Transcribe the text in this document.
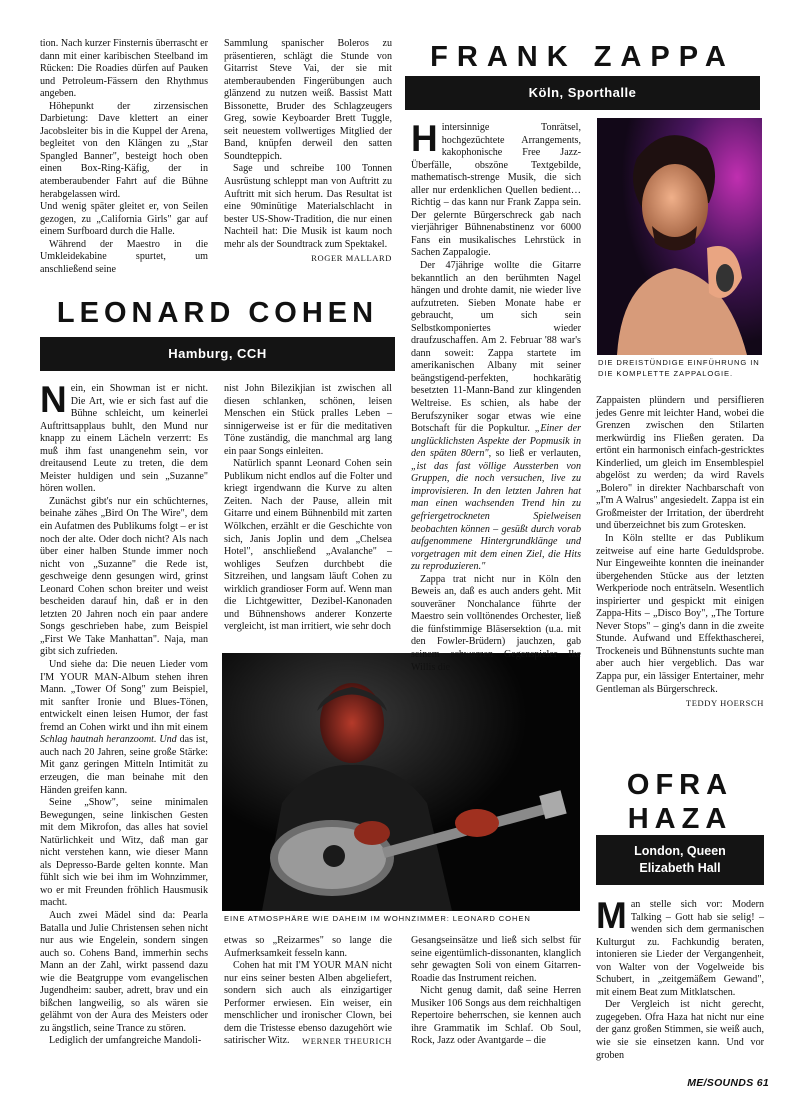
tion. Nach kurzer Finsternis überrascht er dann mit einer karibischen Steelband im Rücken: Die Roadies dürfen auf Pauken und Petroleum-Fässern den Rhythmus angeben.

Höhepunkt der zirzensischen Darbietung: Dave klettert an einer Jacobsleiter bis in die Kuppel der Arena, begleitet von den Klängen zu „Star Spangled Banner", besteigt hoch oben einen Box-Ring-Käfig, der in atemberaubender Fahrt auf die Bühne herabgelassen wird.

Und wenig später gleitet er, von Seilen gezogen, zu „California Girls" gar auf einem Surfboard durch die Halle.

Während der Maestro in die Umkleidekabine spurtet, um anschließend seine

Sammlung spanischer Boleros zu präsentieren, schlägt die Stunde von Gitarrist Steve Vai, der sie mit atemberaubenden Fingerübungen auch glänzend zu nutzen weiß. Bassist Matt Bissonette, Bruder des Schlagzeugers Greg, sowie Keyboarder Brett Tuggle, seit neuestem vollwertiges Mitglied der Band, knüpfen derweil den satten Soundteppich.

Sage und schreibe 100 Tonnen Ausrüstung schleppt man von Auftritt zu Auftritt mit sich herum. Das Resultat ist eine 90minütige Materialschlacht in bester US-Show-Tradition, die nur einen Nachteil hat: Die Musik ist kaum noch mehr als der Soundtrack zum Spektakel.

ROGER MALLARD

LEONARD COHEN
Hamburg, CCH

Nein, ein Showman ist er nicht. Die Art, wie er sich fast auf die Bühne schleicht, um keinerlei Auftrittsapplaus buhlt, den Mund nur knapp zu einem Lächeln verzerrt: Es muß ihm fast unangenehm sein, vor dreitausend Leute zu treten, die dem Meister huldigen und sein „Suzanne" hören wollen.

Zunächst gibt's nur ein schüchternes, beinahe zähes „Bird On The Wire", dem ein Aufatmen des Publikums folgt – er ist noch der alte. Oder doch nicht? Als nach über einer halben Stunde immer noch nicht von „Suzanne" die Rede ist, geschweige denn gesungen wird, grinst Leonard Cohen schon breiter und weist bescheiden darauf hin, daß er in den letzten 20 Jahren noch ein paar andere Songs geschrieben habe, zum Beispiel „First We Take Manhattan". Naja, man gibt sich zufrieden.

Und siehe da: Die neuen Lieder vom I'M YOUR MAN-Album stehen ihren Mann. „Tower Of Song" zum Beispiel, mit sanfter Ironie und Blues-Tönen, entwickelt einen leisen Humor, der fast fremd an Cohen wirkt und ihn mit einem Schlag hautnah heranzoomt. Und das ist, auch nach 20 Jahren, seine große Stärke: Mit ganz geringen Mitteln Intimität zu erzeugen, die man beinahe mit den Händen greifen kann.

Seine „Show", seine minimalen Bewegungen, seine linkischen Gesten mit dem Mikrofon, das alles hat soviel Natürlichkeit und Witz, daß man gar nicht verstehen kann, wie dieser Mann als Depresso-Barde gelten konnte. Man fühlt sich wie bei ihm im Wohnzimmer, wo er mit Freunden fröhlich Hausmusik macht.

Auch zwei Mädel sind da: Pearla Batalla und Julie Christensen sehen nicht nur aus wie Engelein, sondern singen auch so. Cohens Band, immerhin sechs Mann an der Zahl, wirkt passend dazu wie die Beatgruppe vom evangelischen Jugendheim: sauber, adrett, brav und ein bißchen langweilig, so als wären sie gelähmt von der Aura des Meisters oder zu ängstlich, seine Trance zu stören.

Lediglich der umfangreiche Mandoli-

nist John Bilezikjian ist zwischen all diesen schlanken, schönen, leisen Menschen ein Stück pralles Leben – sinnigerweise ist er für die meditativen Töne zuständig, die manchmal arg lang ein paar Songs einleiten.

Natürlich spannt Leonard Cohen sein Publikum nicht endlos auf die Folter und kriegt irgendwann die Kurve zu alten Zeiten. Nach der Pause, allein mit Gitarre und einem Bühnenbild mit zarten Wölkchen, erzählt er die Geschichte von sich, Janis Joplin und dem „Chelsea Hotel", anschließend „Avalanche" – wohliges Seufzen durchbebt die Sitzreihen, und langsam läuft Cohen zu wirklich grandioser Form auf. Wenn man die Lichtgewitter, Dezibel-Kanonaden und Bühnenshows anderer Konzerte vergleicht, ist man irritiert, wie sehr doch

EINE ATMOSPHÄRE WIE DAHEIM IM WOHNZIMMER: LEONARD COHEN

etwas so „Reizarmes" so lange die Aufmerksamkeit fesseln kann.

Cohen hat mit I'M YOUR MAN nicht nur eins seiner besten Alben abgeliefert, sondern sich auch als einzigartiger Performer erwiesen. Ein weiser, ein menschlicher und ironischer Clown, bei dem die Tristesse ebenso dazugehört wie satirischer Witz.	WERNER THEURICH

FRANK ZAPPA
Köln, Sporthalle

Hintersinnige Tonrätsel, hochgezüchtete Arrangements, kakophonische Free Jazz-Überfälle, obszöne Textgebilde, mathematisch-strenge Musik, die sich aller nur erdenklichen Quellen bedient… Richtig – das kann nur Frank Zappa sein. Der gelernte Bürgerschreck gab nach vierjähriger Bühnenabstinenz vor 6000 Fans ein musikalisches Lehrstück in Sachen Zappalogie.

Der 47jährige wollte die Gitarre bekanntlich an den berühmten Nagel hängen und drohte damit, nie wieder live aufzutreten. Sieben Monate habe er gebraucht, um sich sein Selbstkomponiertes wieder draufzuschaffen. Am 2. Februar '88 war's dann soweit: Zappa startete im amerikanischen Albany mit seiner beängstigend-perfekten, hochkarätig besetzten 11-Mann-Band zur klingenden Weltreise. Es schien, als habe der Berufszyniker sogar etwas wie eine Botschaft für die Popkultur. „Einer der unglücklichsten Aspekte der Popmusik in den späten 80ern", so ließ er verlauten, „ist das fast völlige Aussterben von Gruppen, die noch versuchen, live zu improvisieren. In den letzten Jahren hat man einen wachsenden Trend hin zu gefriergetrockneten Spielweisen beobachten können – gesüßt durch vorab aufgenommene Hintergrundklänge und vorgetragen mit dem einen Ziel, die Hits zu reproduzieren."

Zappa trat nicht nur in Köln den Beweis an, daß es auch anders geht. Mit souveräner Nonchalance führte der Maestro sein volltönendes Orchester, ließ die fünfstimmige Bläsersektion (u.a. mit den Fowler-Brüdern) jauchzen, gab seinem schwarzen Gegenspieler Ike Willis die

Gesangseinsätze und ließ sich selbst für seine eigentümlich-dissonanten, klanglich sehr gewagten Soli von einem Gitarren-Roadie das Instrument reichen.

Nicht genug damit, daß seine Herren Musiker 106 Songs aus dem reichhaltigen Repertoire beherrschen, sie kennen auch ihre Grammatik im Schlaf. Ob Soul, Rock, Jazz oder Avantgarde – die

DIE DREISTÜNDIGE EINFÜHRUNG IN DIE KOMPLETTE ZAPPALOGIE.

Zappaisten plündern und persiflieren jedes Genre mit leichter Hand, wobei die Grenzen zwischen den Stilarten merkwürdig ins Fließen geraten. Da ertönt ein harmonisch einfach-gestricktes Kinderlied, um gleich im Ensemblespiel abgelöst zu werden; da wird Ravels „Bolero" in direkter Nachbarschaft von „I'm A Walrus" angesiedelt. Zappa ist ein Großmeister der Irritation, der überdreht und überzeichnet bis zum Grotesken.

In Köln stellte er das Publikum zeitweise auf eine harte Geduldsprobe. Nur Eingeweihte konnten die ineinander übergehenden Stücke aus der letzten Werkperiode noch enträtseln. Wesentlich inspirierter und gespickt mit einigen Zappa-Hits – „Disco Boy", „The Torture Never Stops" – ging's dann in die zweite Stunde. Aufwand und Effekthascherei, Trockeneis und Bühnenstunts suchte man aber auch hier vergeblich. Das war Zappa pur, ein lässiger Entertainer, mehr Gentleman als Bürgerschreck.

TEDDY HOERSCH

OFRA
HAZA
London, Queen
Elizabeth Hall

Man stelle sich vor: Modern Talking – Gott hab sie selig! – wenden sich dem germanischen Kulturgut zu. Fachkundig beraten, intonieren sie Lieder der Vergangenheit, von Walter von der Vogelweide bis Schubert, in „zeitgemäßem Gewand", mit einem Beat zum Mitklatschen.

Der Vergleich ist nicht gerecht, zugegeben. Ofra Haza hat nicht nur eine der ganz großen Stimmen, sie weiß auch, wie sie sie einsetzen kann. Und vor groben

ME/SOUNDS 61
